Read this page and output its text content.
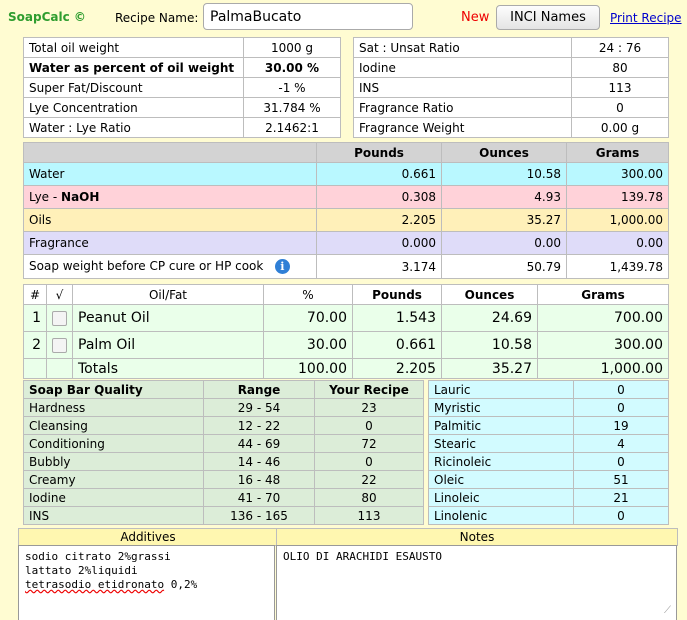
SoapCalc © Recipe Name: PalmaBucato	New	INCI Names	Print Recipe
Total oil weight	1000 g
Water as percent of oil weight	30.00 %
Super Fat/Discount	-1 %
Lye Concentration	31.784 %
Water : Lye Ratio	2.1462:1
Sat : Unsat Ratio	24 : 76
Iodine	80
INS	113
Fragrance Ratio	0
Fragrance Weight	0.00 g
	Pounds	Ounces	Grams
Water	0.661	10.58	300.00
Lye - NaOH	0.308	4.93	139.78
Oils	2.205	35.27	1,000.00
Fragrance	0.000	0.00	0.00
Soap weight before CP cure or HP cook i	3.174	50.79	1,439.78
#	√	Oil/Fat	%	Pounds	Ounces	Grams
1		Peanut Oil	70.00	1.543	24.69	700.00
2		Palm Oil	30.00	0.661	10.58	300.00
		Totals	100.00	2.205	35.27	1,000.00
Soap Bar Quality	Range	Your Recipe
Hardness	29 - 54	23
Cleansing	12 - 22	0
Conditioning	44 - 69	72
Bubbly	14 - 46	0
Creamy	16 - 48	22
Iodine	41 - 70	80
INS	136 - 165	113
Lauric	0
Myristic	0
Palmitic	19
Stearic	4
Ricinoleic	0
Oleic	51
Linoleic	21
Linolenic	0
Additives	Notes
sodio citrato 2%grassi
lattato 2%liquidi
tetrasodio etidronato 0,2%
OLIO DI ARACHIDI ESAUSTO
⟋
